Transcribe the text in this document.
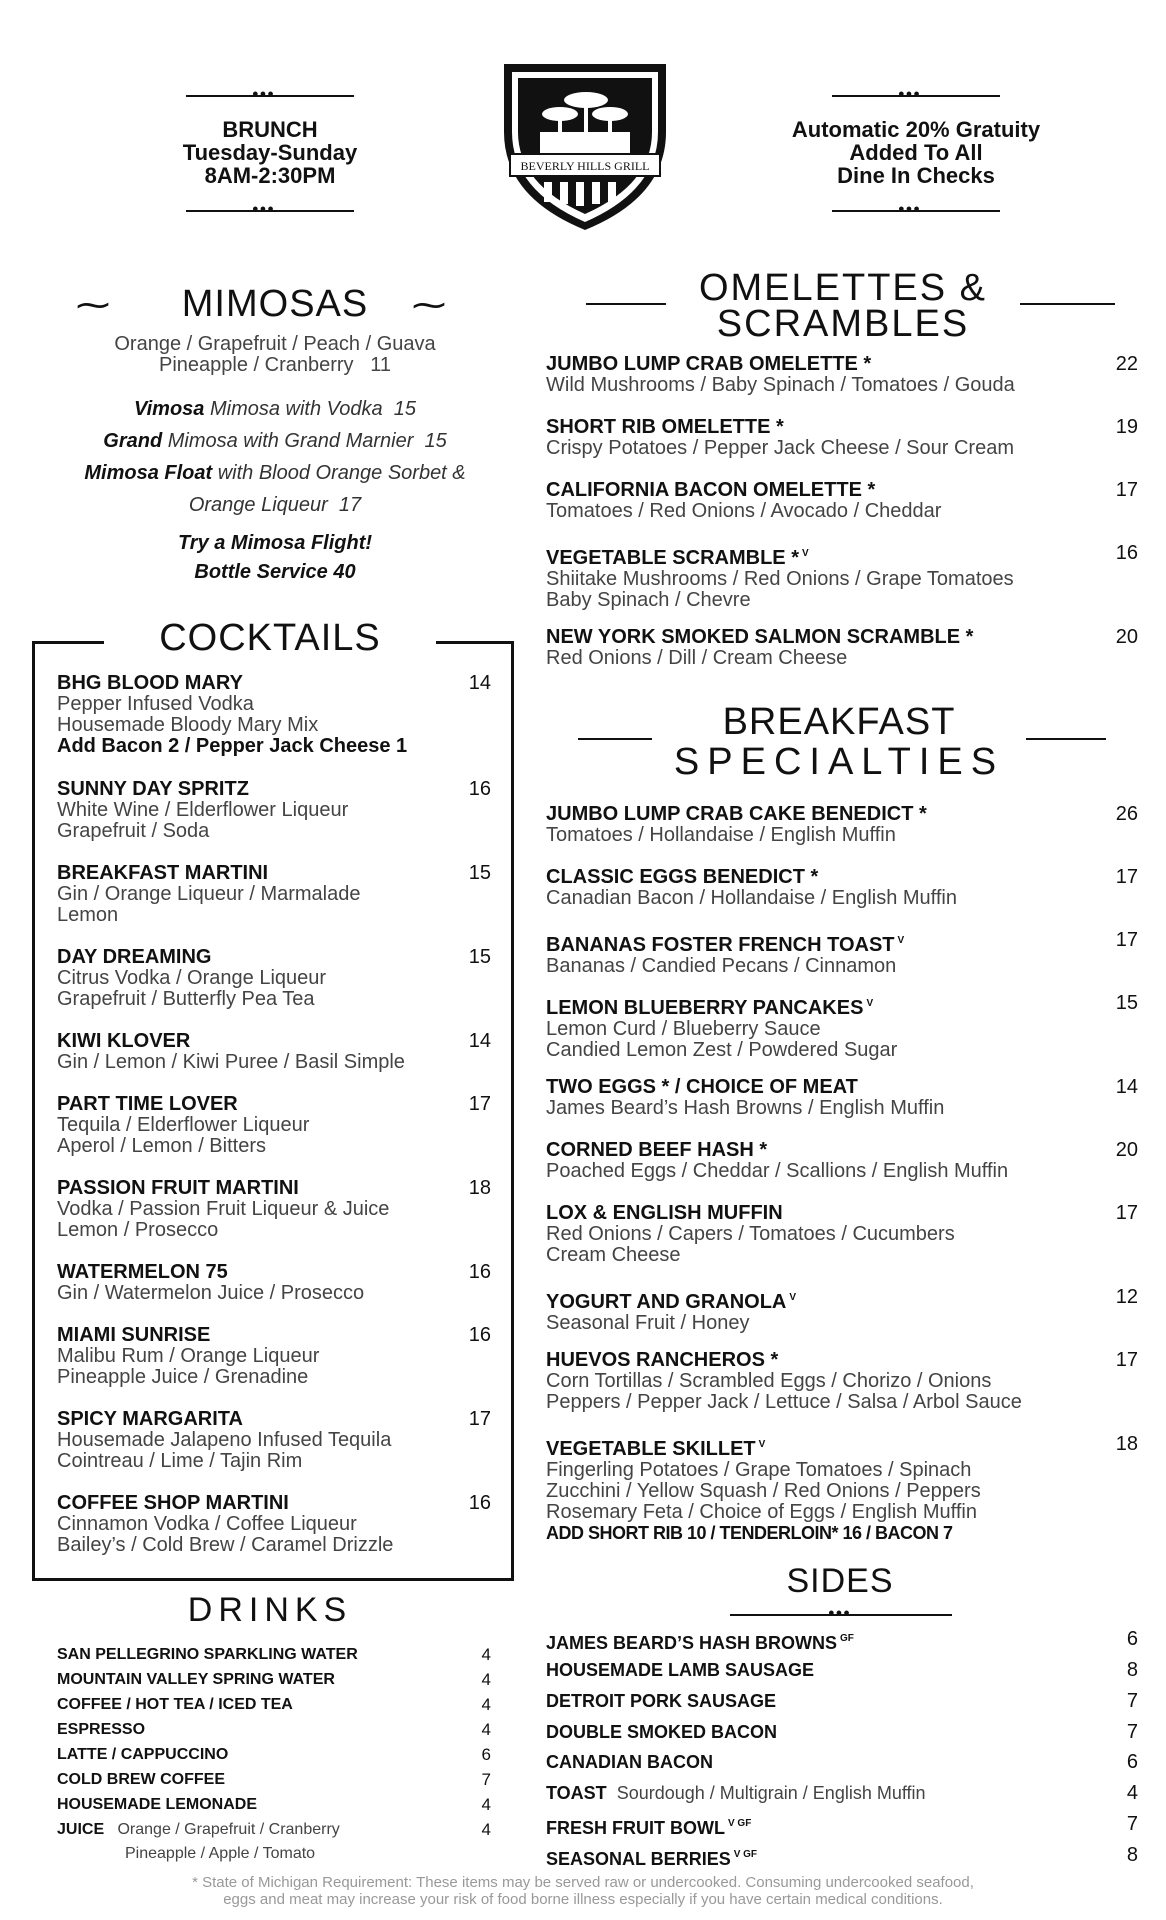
●●●
BRUNCH
Tuesday-Sunday
8AM-2:30PM
●●●
BEVERLY HILLS GRILL
●●●
Automatic 20% Gratuity
Added To All
Dine In Checks
●●●
⁓	⁓
MIMOSAS
Orange / Grapefruit / Peach / Guava
Pineapple / Cranberry 11
Vimosa Mimosa with Vodka 15
Grand Mimosa with Grand Marnier 15
Mimosa Float with Blood Orange Sorbet &
Orange Liqueur 17
Try a Mimosa Flight!
Bottle Service 40
COCKTAILS
BHG BLOOD MARY
Pepper Infused Vodka
Housemade Bloody Mary Mix
Add Bacon 2 / Pepper Jack Cheese 1
14
SUNNY DAY SPRITZ
White Wine / Elderflower Liqueur
Grapefruit / Soda
16
BREAKFAST MARTINI
Gin / Orange Liqueur / Marmalade
Lemon
15
DAY DREAMING
Citrus Vodka / Orange Liqueur
Grapefruit / Butterfly Pea Tea
15
KIWI KLOVER
Gin / Lemon / Kiwi Puree / Basil Simple
14
PART TIME LOVER
Tequila / Elderflower Liqueur
Aperol / Lemon / Bitters
17
PASSION FRUIT MARTINI
Vodka / Passion Fruit Liqueur & Juice
Lemon / Prosecco
18
WATERMELON 75
Gin / Watermelon Juice / Prosecco
16
MIAMI SUNRISE
Malibu Rum / Orange Liqueur
Pineapple Juice / Grenadine
16
SPICY MARGARITA
Housemade Jalapeno Infused Tequila
Cointreau / Lime / Tajin Rim
17
COFFEE SHOP MARTINI
Cinnamon Vodka / Coffee Liqueur
Bailey’s / Cold Brew / Caramel Drizzle
16
DRINKS
SAN PELLEGRINO SPARKLING WATER	4
MOUNTAIN VALLEY SPRING WATER	4
COFFEE / HOT TEA / ICED TEA	4
ESPRESSO	4
LATTE / CAPPUCCINO	6
COLD BREW COFFEE	7
HOUSEMADE LEMONADE	4
JUICE Orange / Grapefruit / Cranberry
Pineapple / Apple / Tomato
4
OMELETTES &
SCRAMBLES
JUMBO LUMP CRAB OMELETTE *
Wild Mushrooms / Baby Spinach / Tomatoes / Gouda
22
SHORT RIB OMELETTE *
Crispy Potatoes / Pepper Jack Cheese / Sour Cream
19
CALIFORNIA BACON OMELETTE *
Tomatoes / Red Onions / Avocado / Cheddar
17
VEGETABLE SCRAMBLE * $^V$
Shiitake Mushrooms / Red Onions / Grape Tomatoes
Baby Spinach / Chevre
16
NEW YORK SMOKED SALMON SCRAMBLE *
Red Onions / Dill / Cream Cheese
20
BREAKFAST
SPECIALTIES
JUMBO LUMP CRAB CAKE BENEDICT *
Tomatoes / Hollandaise / English Muffin
26
CLASSIC EGGS BENEDICT *
Canadian Bacon / Hollandaise / English Muffin
17
BANANAS FOSTER FRENCH TOAST $^V$
Bananas / Candied Pecans / Cinnamon
17
LEMON BLUEBERRY PANCAKES $^V$
Lemon Curd / Blueberry Sauce
Candied Lemon Zest / Powdered Sugar
15
TWO EGGS * / CHOICE OF MEAT
James Beard’s Hash Browns / English Muffin
14
CORNED BEEF HASH *
Poached Eggs / Cheddar / Scallions / English Muffin
20
LOX & ENGLISH MUFFIN
Red Onions / Capers / Tomatoes / Cucumbers
Cream Cheese
17
YOGURT AND GRANOLA $^V$
Seasonal Fruit / Honey
12
HUEVOS RANCHEROS *
Corn Tortillas / Scrambled Eggs / Chorizo / Onions
Peppers / Pepper Jack / Lettuce / Salsa / Arbol Sauce
17
VEGETABLE SKILLET $^V$
Fingerling Potatoes / Grape Tomatoes / Spinach
Zucchini / Yellow Squash / Red Onions / Peppers
Rosemary Feta / Choice of Eggs / English Muffin
ADD SHORT RIB 10 / TENDERLOIN* 16 / BACON 7
18
SIDES
●●●
JAMES BEARD’S HASH BROWNS $^{GF}$	6
HOUSEMADE LAMB SAUSAGE	8
DETROIT PORK SAUSAGE	7
DOUBLE SMOKED BACON	7
CANADIAN BACON	6
TOAST Sourdough / Multigrain / English Muffin	4
FRESH FRUIT BOWL $^{V GF}$	7
SEASONAL BERRIES $^{V GF}$	8
* State of Michigan Requirement: These items may be served raw or undercooked. Consuming undercooked seafood,
eggs and meat may increase your risk of food borne illness especially if you have certain medical conditions.
